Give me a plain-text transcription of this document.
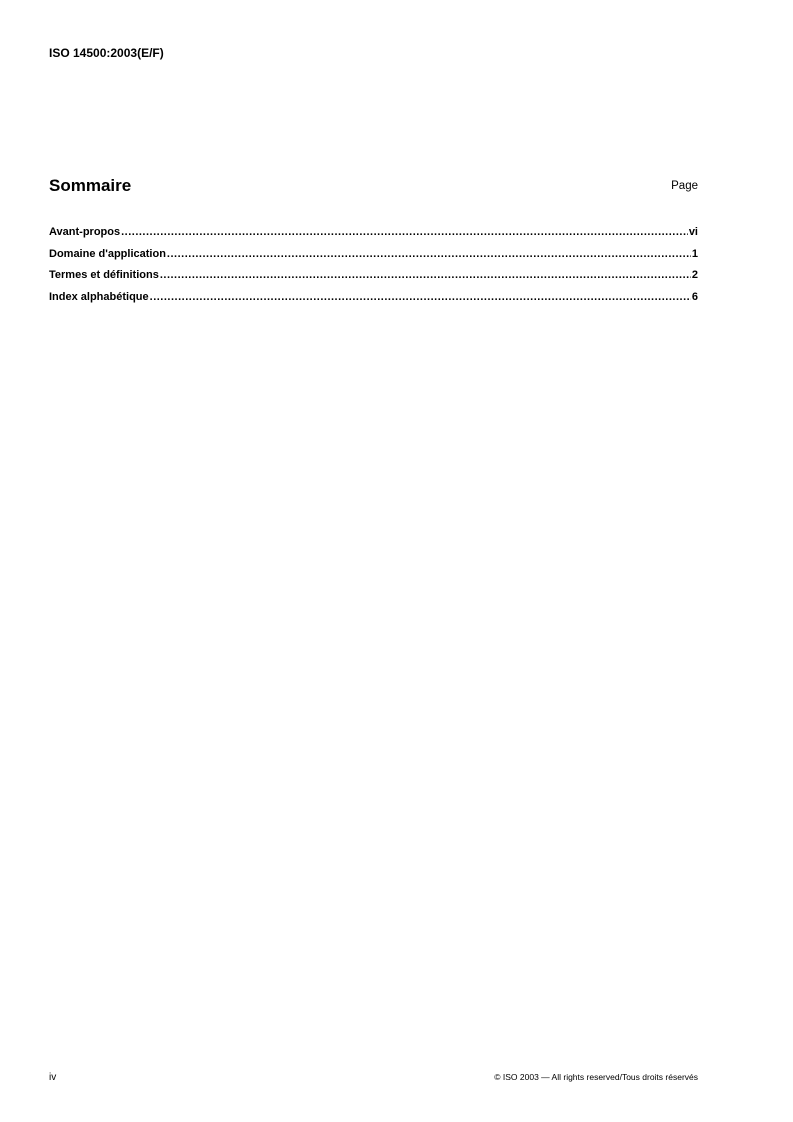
ISO 14500:2003(E/F)
Sommaire	Page
Avant-propos .....	vi
Domaine d'application .....	1
Termes et définitions .....	2
Index alphabétique .....	6
iv	© ISO 2003 — All rights reserved/Tous droits réservés
